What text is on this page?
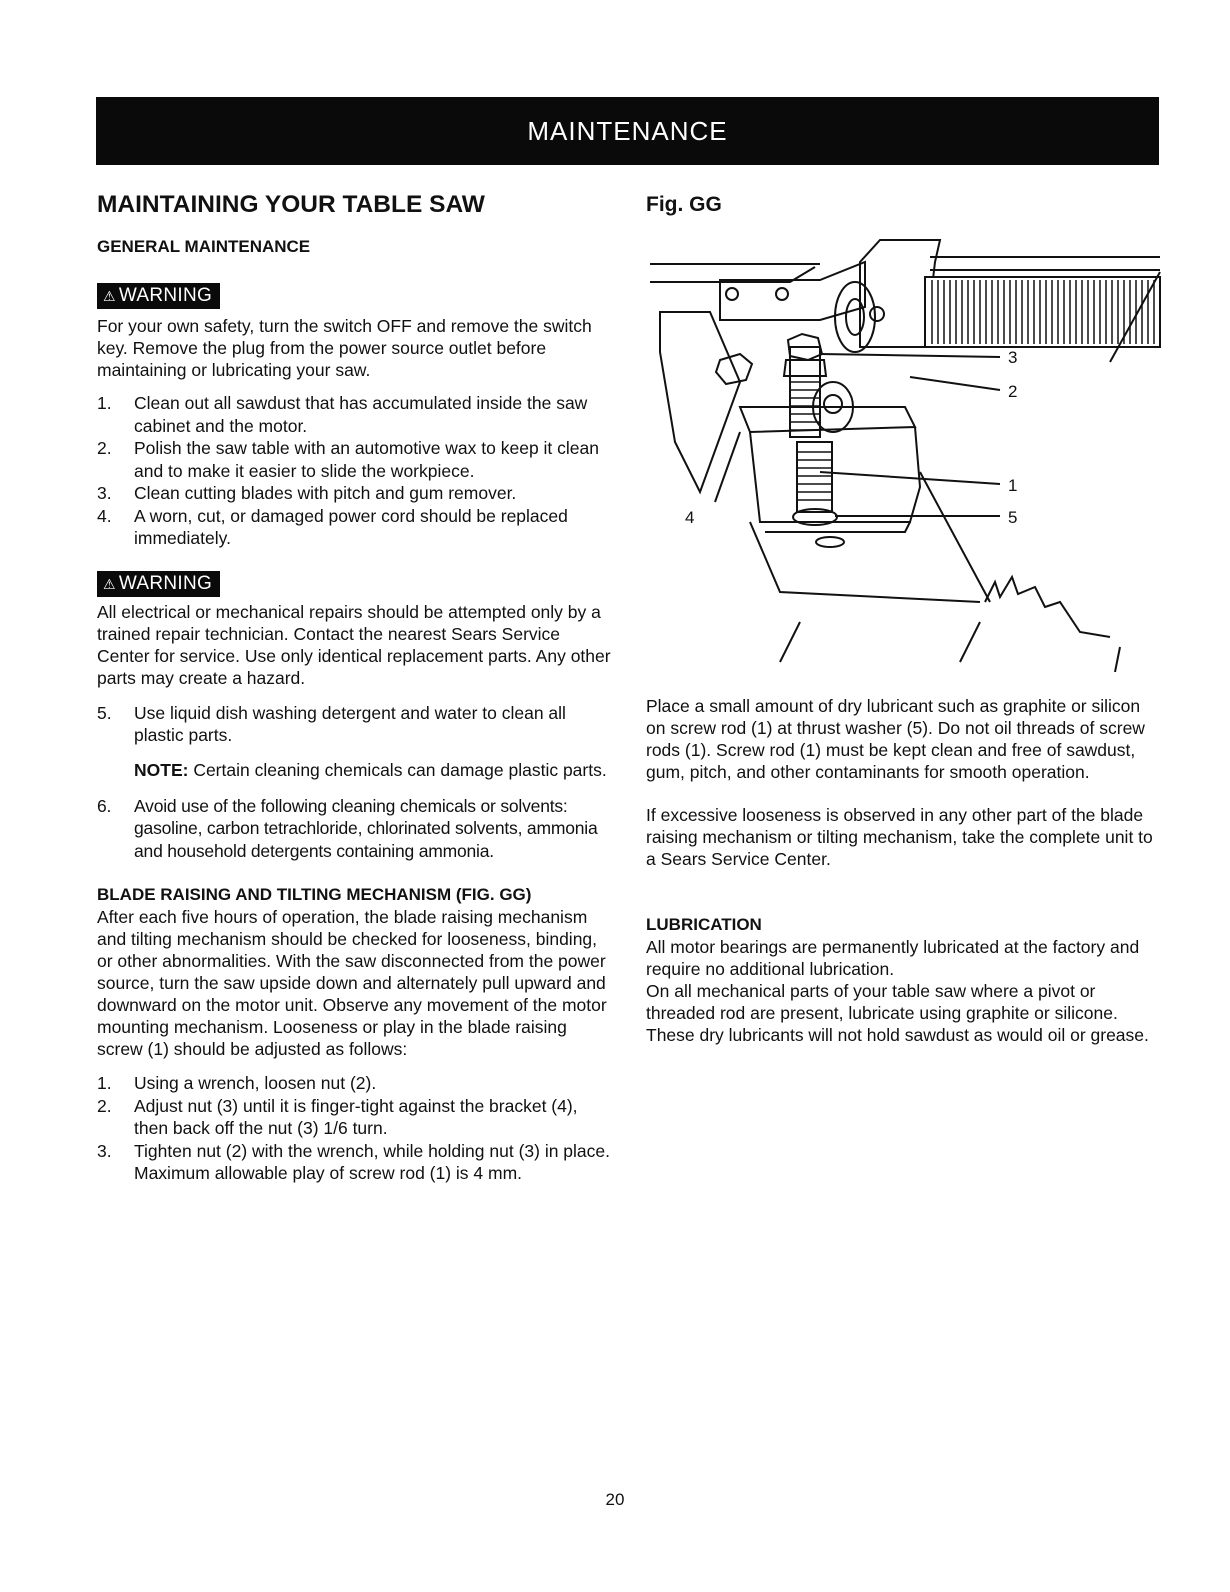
MAINTENANCE
MAINTAINING YOUR TABLE SAW
GENERAL MAINTENANCE
⚠ WARNING

For your own safety, turn the switch OFF and remove the switch key. Remove the plug from the power source outlet before maintaining or lubricating your saw.

1. Clean out all sawdust that has accumulated inside the saw cabinet and the motor.
2. Polish the saw table with an automotive wax to keep it clean and to make it easier to slide the workpiece.
3. Clean cutting blades with pitch and gum remover.
4. A worn, cut, or damaged power cord should be replaced immediately.
⚠ WARNING

All electrical or mechanical repairs should be attempted only by a trained repair technician. Contact the nearest Sears Service Center for service. Use only identical replacement parts. Any other parts may create a hazard.

5. Use liquid dish washing detergent and water to clean all plastic parts.

NOTE: Certain cleaning chemicals can damage plastic parts.

6. Avoid use of the following cleaning chemicals or solvents: gasoline, carbon tetrachloride, chlorinated solvents, ammonia and household detergents containing ammonia.
BLADE RAISING AND TILTING MECHANISM (FIG. GG)

After each five hours of operation, the blade raising mechanism and tilting mechanism should be checked for looseness, binding, or other abnormalities. With the saw disconnected from the power source, turn the saw upside down and alternately pull upward and downward on the motor unit. Observe any movement of the motor mounting mechanism. Looseness or play in the blade raising screw (1) should be adjusted as follows:

1. Using a wrench, loosen nut (2).
2. Adjust nut (3) until it is finger-tight against the bracket (4), then back off the nut (3) 1/6 turn.
3. Tighten nut (2) with the wrench, while holding nut (3) in place. Maximum allowable play of screw rod (1) is 4 mm.
Fig. GG
3
2
1
5
4

Place a small amount of dry lubricant such as graphite or silicon on screw rod (1) at thrust washer (5). Do not oil threads of screw rods (1). Screw rod (1) must be kept clean and free of sawdust, gum, pitch, and other contaminants for smooth operation.

If excessive looseness is observed in any other part of the blade raising mechanism or tilting mechanism, take the complete unit to a Sears Service Center.

LUBRICATION

All motor bearings are permanently lubricated at the factory and require no additional lubrication.

On all mechanical parts of your table saw where a pivot or threaded rod are present, lubricate using graphite or silicone. These dry lubricants will not hold sawdust as would oil or grease.

20
